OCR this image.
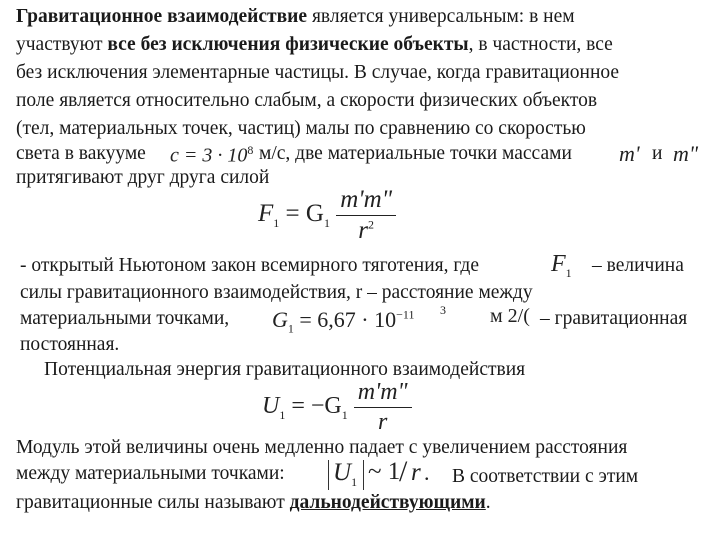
Гравитационное взаимодействие является универсальным: в нем
участвуют все без исключения физические объекты, в частности, все
без исключения элементарные частицы. В случае, когда гравитационное
поле является относительно слабым, а скорости физических объектов
(тел, материальных точек, частиц) малы по сравнению со скоростью
света в вакууме $c = 3 \cdot 10^8$ м/с, две материальные точки массами m' и m"
притягивают друг друга силой
$F_1 = G_1 \frac{m'm"}{r^2}$
- открытый Ньютоном закон всемирного тяготения, где	$F_1$ – величина
силы гравитационного взаимодействия, r – расстояние между
материальными точками, $G_1 = 6,67 \cdot 10^{-11}$ 3 м 2/( – гравитационная
постоянная.
Потенциальная энергия гравитационного взаимодействия
$U_1 = -G_1 \frac{m'm"}{r}$
Модуль этой величины очень медленно падает с увеличением расстояния
между материальными точками: $U_1$ ~ 1
/ r . В соответствии с этим
гравитационные силы называют дальнодействующими.
